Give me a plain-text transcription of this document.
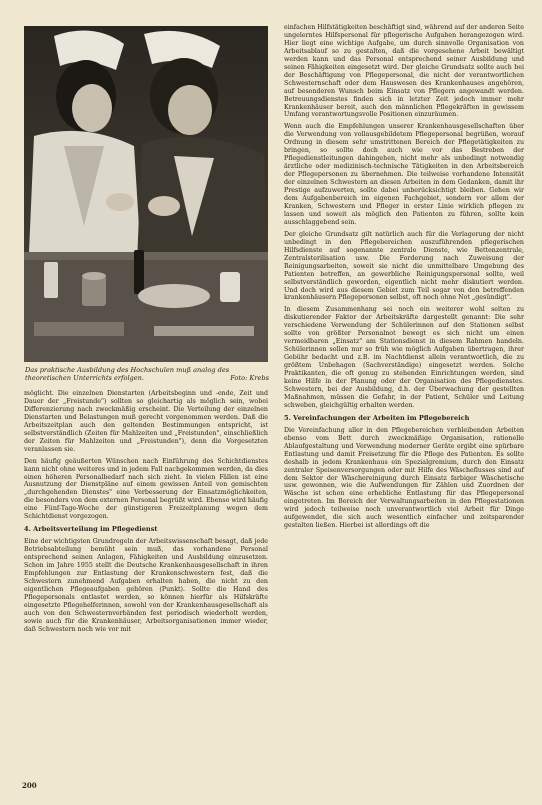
Das praktische Ausbildung des Hochschulen muß analog des theoretischen Unterrichts erfolgen.	Foto: Krebs

möglicht. Die einzelnen Dienstarten (Arbeitsbeginn und -ende, Zeit und Dauer der „Freistunde") sollten so gleichartig als möglich sein, wobei Differenzierung nach zweckmäßig erscheint. Die Verteilung der einzelnen Dienstarten und Belastungen muß gerecht vorgenommen werden. Daß die Arbeitszeitplan auch den geltenden Bestimmungen entspricht, ist selbstverständlich (Zeiten für Mahlzeiten und „Freistunden", einschließlich der Zeiten für Mahlzeiten und „Freistunden"), denn die Vorgesetzten veranlassen sie.

Den häufig geäußerten Wünschen nach Einführung des Schichtdienstes kann nicht ohne weiteres und in jedem Fall nachgekommen werden, da dies einen höheren Personalbedarf nach sich zieht. In vielen Fällen ist eine Ausnutzung der Dienstpläne auf einem gewissen Anteil von gemischten „durchgehenden Dienstes" eine Verbesserung der Einsatzmöglichkeiten, die besonders von dem externen Personal begrüßt wird. Ebenso wird häufig eine Fünf-Tage-Woche der günstigeren Freizeitplanung wegen dem Schichtdienst vorgezogen.

4. Arbeitsverteilung im Pflegedienst

Eine der wichtigsten Grundregeln der Arbeitswissenschaft besagt, daß jede Betriebsabteilung bemüht sein muß, das vorhandene Personal entsprechend seinen Anlagen, Fähigkeiten und Ausbildung einzusetzen. Schon im Jahre 1955 stellt die Deutsche Krankenhausgesellschaft in ihren Empfehlungen zur Entlastung der Krankenschwestern fest, daß die Schwestern zunehmend Aufgaben erhalten haben, die nicht zu den eigentlichen Pflegeaufgaben gehören (Punkt). Sollte die Hand des Pflegepersonals entlastet werden, so können hierfür als Hilfskräfte eingesetzte Pflegehelferinnen, sowohl von der Krankenhausgesellschaft als auch von den Schwesternverbänden fest periodisch wiederholt werden, sowie auch für die Krankenhäuser, Arbeitsorganisationen immer wieder, daß Schwestern noch wie vor mit

einfachen Hilfstätigkeiten beschäftigt sind, während auf der anderen Seite ungelerntes Hilfspersonal für pflegerische Aufgaben herangezogen wird. Hier liegt eine wichtige Aufgabe, um durch sinnvolle Organisation von Arbeitsablauf so zu gestalten, daß die vorgesehene Arbeit bewältigt werden kann und das Personal entsprechend seiner Ausbildung und seinen Fähigkeiten eingesetzt wird. Der gleiche Grundsatz sollte auch bei der Beschäftigung von Pflegepersonal, die nicht der verantwortlichen Schwesternschaft oder dem Hauswesen des Krankenhauses angehören, auf besonderen Wunsch beim Einsatz von Pflegern angewandt werden. Betreuungsdienstes finden sich in letzter Zeit jedoch immer mehr Krankenhäuser bereit, auch den männlichen Pflegekräften in gewissem Umfang verantwortungsvolle Positionen einzuräumen.

Wenn auch die Empfehlungen unserer Krankenhausgesellschaften über die Verwendung von vollausgebildetem Pflegepersonal begrüßen, worauf Ordnung in diesem sehr umstrittenen Bereich der Pflegetätigkeiten zu bringen, so sollte doch auch wie vor das Bestreben der Pflegedienstleitungen dahingehen, nicht mehr als unbedingt notwendig ärztliche oder medizinisch-technische Tätigkeiten in den Arbeitsbereich der Pflegepersonen zu übernehmen. Die teilweise vorhandene Intensität der einzelnen Schwestern an diesen Arbeiten in dem Gedanken, damit ihr Prestige aufzuwerten, sollte dabei unberücksichtigt bleiben. Gehen wir dem Aufgabenbereich im eigenen Fachgebiet, sondern vor allem der Kranken, Schwestern und Pfleger in erster Linie wirklich pflegen zu lassen und soweit als möglich den Patienten zu führen, sollte kein ausschlaggebend sein.

Der gleiche Grundsatz gilt natürlich auch für die Verlagerung der nicht unbedingt in den Pflegebereichen auszuführenden pflegerischen Hilfsdienste auf sogenannte zentrale Dienste, wie Bettenzentrale, Zentralsterilisation usw. Die Forderung nach Zuweisung der Reinigungsarbeiten, soweit sie nicht die unmittelbare Umgebung des Patienten betreffen, an gewerbliche Reinigungspersonal sollte, weil selbstverständlich geworden, eigentlich nicht mehr diskutiert werden. Und doch wird aus diesem Gebiet zum Teil sogar von den betreffenden krankenhäusern Pflegepersonen selbst, oft noch ohne Not „gesündigt".

In diesem Zusammenhang sei noch ein weiterer wohl selten zu diskutierender Faktor der Arbeitskräfte dargestellt genannt: Die sehr verschiedene Verwendung der Schülerinnen auf den Stationen selbst sollte von größter Personalnot bewegt es sich nicht um einen vermeidbaren „Einsatz" am Stationsdienst in diesem Rahmen handeln. Schülerinnen sollen nur so früh wie möglich Aufgaben übertragen, ihrer Gebühr bedacht und z.B. im Nachtdienst allein verantwortlich, die zu größtem Unbehagen (Sachverständige) eingesetzt werden. Solche Praktikanten, die oft genug zu stehenden Einrichtungen werden, sind keine Hilfe in der Planung oder der Organisation des Pflegedienstes. Schwestern, bei der Ausbildung, d.h. der Überwachung der gestellten Maßnahmen, müssen die Gefahr, in der Patient, Schüler und Leitung schweben, gleichgültig erhalten werden.

5. Vereinfachungen der Arbeiten im Pflegebereich

Die Vereinfachung aller in den Pflegebereichen verbleibenden Arbeiten ebenso vom Bett durch zweckmäßige Organisation, rationelle Ablaufgestaltung und Verwendung moderner Geräte ergibt eine spürbare Entlastung und damit Freisetzung für die Pflege des Patienten. Es sollte deshalb in jedem Krankenhaus ein Spezialgremium, durch den Einsatz zentraler Speisenversorgungen oder mit Hilfe des Wäscheflusses sind auf dem Sektor der Wäschereinigung durch Einsatz farbiger Wäschetische usw. gewonnen, wie die Aufwendungen für Zählen und Zuordnen der Wäsche ist schon eine erhebliche Entlastung für das Pflegepersonal eingetreten. Im Bereich der Verwaltungsarbeiten in den Pflegestationen wird jedoch teilweise noch unverantwortlich viel Arbeit für Dinge aufgewendet, die sich auch wesentlich einfacher und zeitsparender gestalten ließen. Hierbei ist allerdings oft die

200
